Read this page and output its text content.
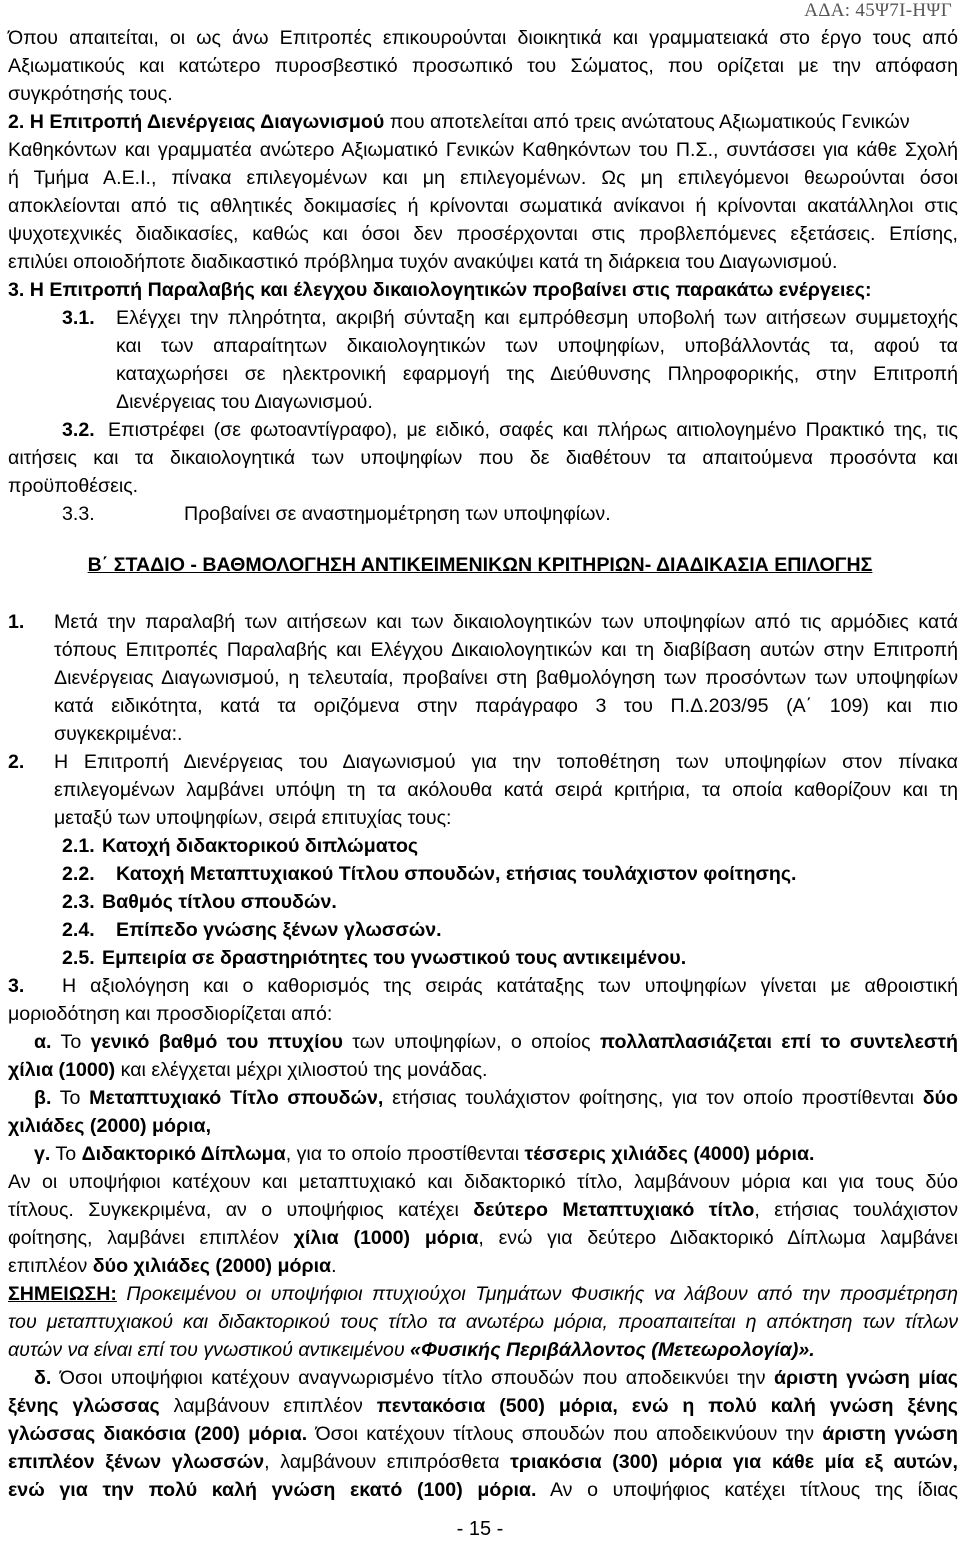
ΑΔΑ: 45Ψ7Ι-ΗΨΓ
Όπου απαιτείται, οι ως άνω Επιτροπές επικουρούνται διοικητικά και γραμματειακά στο έργο τους από
Αξιωματικούς και κατώτερο πυροσβεστικό προσωπικό του Σώματος, που ορίζεται με την απόφαση
συγκρότησής τους.
2. Η Επιτροπή Διενέργειας Διαγωνισμού που αποτελείται από τρεις ανώτατους Αξιωματικούς Γενικών
Καθηκόντων και γραμματέα ανώτερο Αξιωματικό Γενικών Καθηκόντων του Π.Σ., συντάσσει για κάθε Σχολή
ή Τμήμα Α.Ε.Ι., πίνακα επιλεγομένων και μη επιλεγομένων. Ως μη επιλεγόμενοι θεωρούνται όσοι
αποκλείονται από τις αθλητικές δοκιμασίες ή κρίνονται σωματικά ανίκανοι ή κρίνονται ακατάλληλοι στις
ψυχοτεχνικές διαδικασίες, καθώς και όσοι δεν προσέρχονται στις προβλεπόμενες εξετάσεις. Επίσης,
επιλύει οποιοδήποτε διαδικαστικό πρόβλημα τυχόν ανακύψει κατά τη διάρκεια του Διαγωνισμού.
3. Η Επιτροπή Παραλαβής και έλεγχου δικαιολογητικών προβαίνει στις παρακάτω ενέργειες:
3.1. Ελέγχει την πληρότητα, ακριβή σύνταξη και εμπρόθεσμη υποβολή των αιτήσεων συμμετοχής
και των απαραίτητων δικαιολογητικών των υποψηφίων, υποβάλλοντάς τα, αφού τα
καταχωρήσει σε ηλεκτρονική εφαρμογή της Διεύθυνσης Πληροφορικής, στην Επιτροπή
Διενέργειας του Διαγωνισμού.
3.2. Επιστρέφει (σε φωτοαντίγραφο), με ειδικό, σαφές και πλήρως αιτιολογημένο Πρακτικό της, τις
αιτήσεις και τα δικαιολογητικά των υποψηφίων που δε διαθέτουν τα απαιτούμενα προσόντα και
προϋποθέσεις.
3.3.	Προβαίνει σε αναστημομέτρηση των υποψηφίων.
Β΄ ΣΤΑΔΙΟ - ΒΑΘΜΟΛΟΓΗΣΗ ΑΝΤΙΚΕΙΜΕΝΙΚΩΝ ΚΡΙΤΗΡΙΩΝ- ΔΙΑΔΙΚΑΣΙΑ ΕΠΙΛΟΓΗΣ
1. Μετά την παραλαβή των αιτήσεων και των δικαιολογητικών των υποψηφίων από τις αρμόδιες κατά
τόπους Επιτροπές Παραλαβής και Ελέγχου Δικαιολογητικών και τη διαβίβαση αυτών στην Επιτροπή
Διενέργειας Διαγωνισμού, η τελευταία, προβαίνει στη βαθμολόγηση των προσόντων των υποψηφίων
κατά ειδικότητα, κατά τα οριζόμενα στην παράγραφο 3 του Π.Δ.203/95 (Α΄ 109) και πιο
συγκεκριμένα:.
2. Η Επιτροπή Διενέργειας του Διαγωνισμού για την τοποθέτηση των υποψηφίων στον πίνακα
επιλεγομένων λαμβάνει υπόψη τη τα ακόλουθα κατά σειρά κριτήρια, τα οποία καθορίζουν και τη
μεταξύ των υποψηφίων, σειρά επιτυχίας τους:
2.1. Κατοχή διδακτορικού διπλώματος
2.2. Κατοχή Μεταπτυχιακού Τίτλου σπουδών, ετήσιας τουλάχιστον φοίτησης.
2.3. Βαθμός τίτλου σπουδών.
2.4. Επίπεδο γνώσης ξένων γλωσσών.
2.5. Εμπειρία σε δραστηριότητες του γνωστικού τους αντικειμένου.
3. Η αξιολόγηση και ο καθορισμός της σειράς κατάταξης των υποψηφίων γίνεται με αθροιστική
μοριοδότηση και προσδιορίζεται από:
α. Το γενικό βαθμό του πτυχίου των υποψηφίων, ο οποίος πολλαπλασιάζεται επί το συντελεστή
χίλια (1000) και ελέγχεται μέχρι χιλιοστού της μονάδας.
β. Το Μεταπτυχιακό Τίτλο σπουδών, ετήσιας τουλάχιστον φοίτησης, για τον οποίο προστίθενται δύο
χιλιάδες (2000) μόρια,
γ. Το Διδακτορικό Δίπλωμα, για το οποίο προστίθενται τέσσερις χιλιάδες (4000) μόρια.
Αν οι υποψήφιοι κατέχουν και μεταπτυχιακό και διδακτορικό τίτλο, λαμβάνουν μόρια και για τους δύο
τίτλους. Συγκεκριμένα, αν ο υποψήφιος κατέχει δεύτερο Μεταπτυχιακό τίτλο, ετήσιας τουλάχιστον
φοίτησης, λαμβάνει επιπλέον χίλια (1000) μόρια, ενώ για δεύτερο Διδακτορικό Δίπλωμα λαμβάνει
επιπλέον δύο χιλιάδες (2000) μόρια.
ΣΗΜΕΙΩΣΗ: Προκειμένου οι υποψήφιοι πτυχιούχοι Τμημάτων Φυσικής να λάβουν από την προσμέτρηση
του μεταπτυχιακού και διδακτορικού τους τίτλο τα ανωτέρω μόρια, προαπαιτείται η απόκτηση των τίτλων
αυτών να είναι επί του γνωστικού αντικειμένου «Φυσικής Περιβάλλοντος (Μετεωρολογία)».
δ. Όσοι υποψήφιοι κατέχουν αναγνωρισμένο τίτλο σπουδών που αποδεικνύει την άριστη γνώση μίας
ξένης γλώσσας λαμβάνουν επιπλέον πεντακόσια (500) μόρια, ενώ η πολύ καλή γνώση ξένης
γλώσσας διακόσια (200) μόρια. Όσοι κατέχουν τίτλους σπουδών που αποδεικνύουν την άριστη γνώση
επιπλέον ξένων γλωσσών, λαμβάνουν επιπρόσθετα τριακόσια (300) μόρια για κάθε μία εξ αυτών,
ενώ για την πολύ καλή γνώση εκατό (100) μόρια. Αν ο υποψήφιος κατέχει τίτλους της ίδιας
- 15 -
